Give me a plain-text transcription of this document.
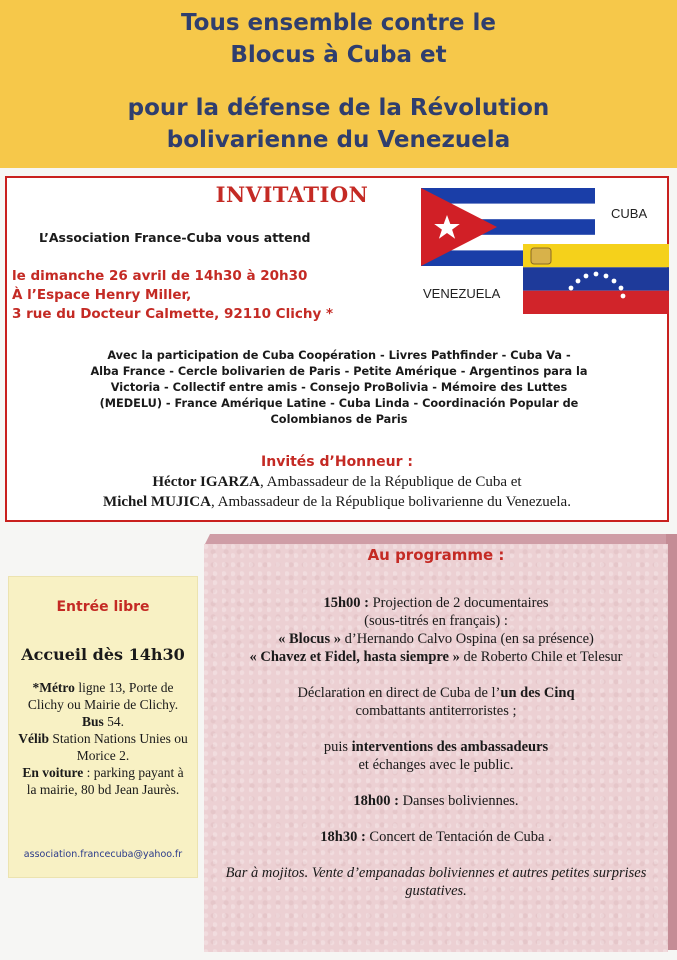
Tous ensemble contre le
Blocus à Cuba et
pour la défense de la Révolution
bolivarienne du Venezuela
INVITATION
L’Association France-Cuba vous attend
le dimanche 26 avril de 14h30 à 20h30
À l’Espace Henry Miller,
3 rue du Docteur Calmette, 92110 Clichy *
CUBA
VENEZUELA
Avec la participation de Cuba Coopération - Livres Pathfinder - Cuba Va -
Alba France - Cercle bolivarien de Paris - Petite Amérique - Argentinos para la
Victoria - Collectif entre amis - Consejo ProBolivia - Mémoire des Luttes
(MEDELU) - France Amérique Latine - Cuba Linda - Coordinación Popular de
Colombianos de Paris
Invités d’Honneur :
Héctor IGARZA, Ambassadeur de la République de Cuba et
Michel MUJICA, Ambassadeur de la République bolivarienne du Venezuela.
Entrée libre
Accueil dès 14h30
*Métro ligne 13, Porte de Clichy ou Mairie de Clichy.
Bus 54.
Vélib Station Nations Unies ou Morice 2.
En voiture : parking payant à la mairie, 80 bd Jean Jaurès.
association.francecuba@yahoo.fr
Au programme :

15h00 : Projection de 2 documentaires

(sous-titrés en français) :

« Blocus » d’Hernando Calvo Ospina (en sa présence)

« Chavez et Fidel, hasta siempre » de Roberto Chile et Telesur

Déclaration en direct de Cuba de l’un des Cinq

combattants antiterroristes ;

puis interventions des ambassadeurs

et échanges avec le public.

18h00 : Danses boliviennes.

18h30 : Concert de Tentación de Cuba .

Bar à mojitos. Vente d’empanadas boliviennes et autres petites surprises gustatives.
